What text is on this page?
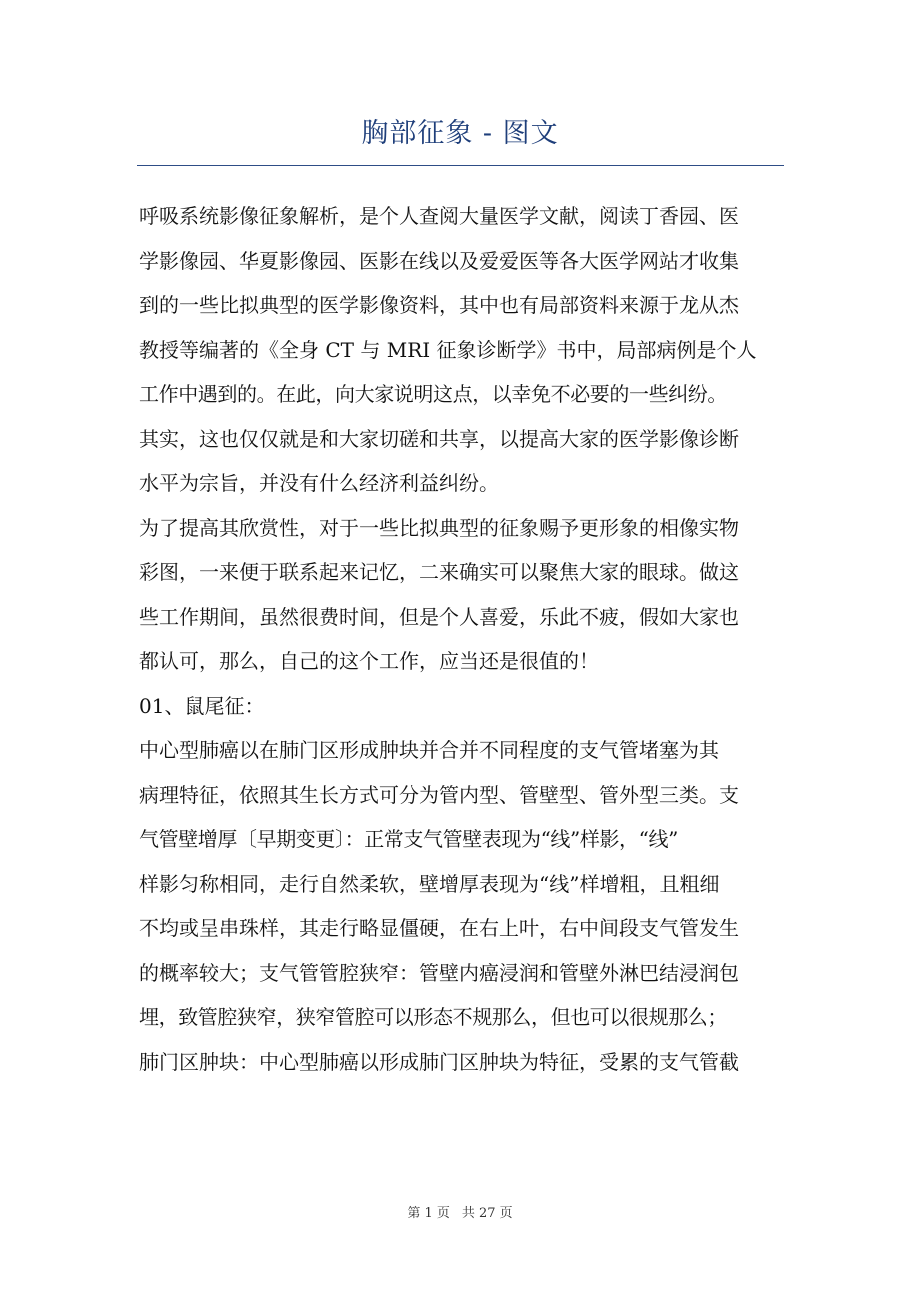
胸部征象 - 图文
呼吸系统影像征象解析，是个人查阅大量医学文献，阅读丁香园、医
学影像园、华夏影像园、医影在线以及爱爱医等各大医学网站才收集
到的一些比拟典型的医学影像资料，其中也有局部资料来源于龙从杰
教授等编著的《全身 CT 与 MRI 征象诊断学》书中，局部病例是个人
工作中遇到的。在此，向大家说明这点，以幸免不必要的一些纠纷。
其实，这也仅仅就是和大家切磋和共享，以提高大家的医学影像诊断
水平为宗旨，并没有什么经济利益纠纷。
为了提高其欣赏性，对于一些比拟典型的征象赐予更形象的相像实物
彩图，一来便于联系起来记忆，二来确实可以聚焦大家的眼球。做这
些工作期间，虽然很费时间，但是个人喜爱，乐此不疲，假如大家也
都认可，那么，自己的这个工作，应当还是很值的！
01、鼠尾征：
中心型肺癌以在肺门区形成肿块并合并不同程度的支气管堵塞为其
病理特征，依照其生长方式可分为管内型、管壁型、管外型三类。支
气管壁增厚〔早期变更〕：正常支气管壁表现为“线”样影，“线”
样影匀称相同，走行自然柔软，壁增厚表现为“线”样增粗，且粗细
不均或呈串珠样，其走行略显僵硬，在右上叶，右中间段支气管发生
的概率较大；支气管管腔狭窄：管壁内癌浸润和管壁外淋巴结浸润包
埋，致管腔狭窄，狭窄管腔可以形态不规那么，但也可以很规那么；
肺门区肿块：中心型肺癌以形成肺门区肿块为特征，受累的支气管截
第 1 页 共 27 页
